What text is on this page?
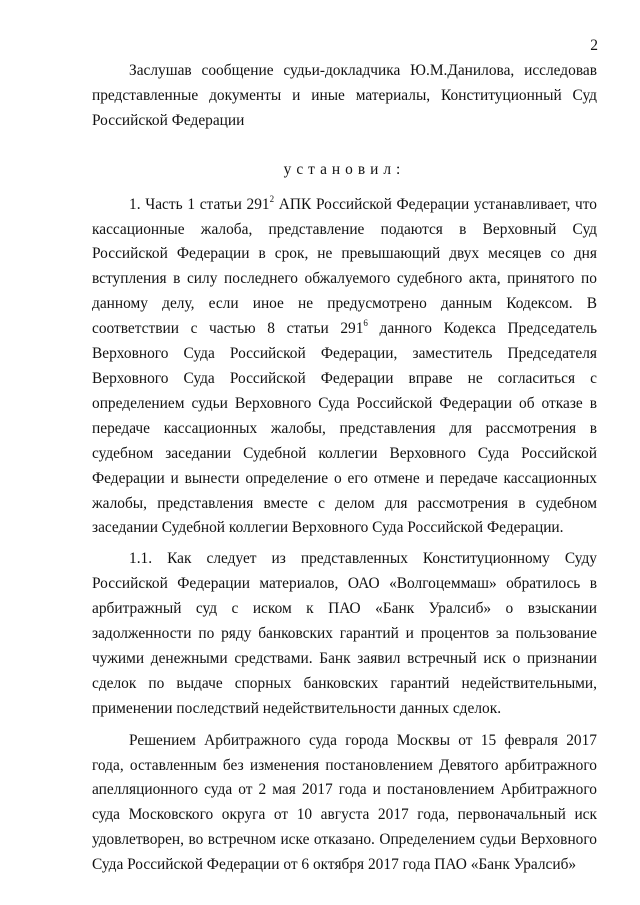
2

Заслушав сообщение судьи-докладчика Ю.М.Данилова, исследовав представленные документы и иные материалы, Конституционный Суд Российской Федерации

установил:

1. Часть 1 статьи $291^2$ АПК Российской Федерации устанавливает, что кассационные жалоба, представление подаются в Верховный Суд Российской Федерации в срок, не превышающий двух месяцев со дня вступления в силу последнего обжалуемого судебного акта, принятого по данному делу, если иное не предусмотрено данным Кодексом. В соответствии с частью 8 статьи $291^6$ данного Кодекса Председатель Верховного Суда Российской Федерации, заместитель Председателя Верховного Суда Российской Федерации вправе не согласиться с определением судьи Верховного Суда Российской Федерации об отказе в передаче кассационных жалобы, представления для рассмотрения в судебном заседании Судебной коллегии Верховного Суда Российской Федерации и вынести определение о его отмене и передаче кассационных жалобы, представления вместе с делом для рассмотрения в судебном заседании Судебной коллегии Верховного Суда Российской Федерации.

1.1. Как следует из представленных Конституционному Суду Российской Федерации материалов, ОАО «Волгоцеммаш» обратилось в арбитражный суд с иском к ПАО «Банк Уралсиб» о взыскании задолженности по ряду банковских гарантий и процентов за пользование чужими денежными средствами. Банк заявил встречный иск о признании сделок по выдаче спорных банковских гарантий недействительными, применении последствий недействительности данных сделок.

Решением Арбитражного суда города Москвы от 15 февраля 2017 года, оставленным без изменения постановлением Девятого арбитражного апелляционного суда от 2 мая 2017 года и постановлением Арбитражного суда Московского округа от 10 августа 2017 года, первоначальный иск удовлетворен, во встречном иске отказано. Определением судьи Верховного Суда Российской Федерации от 6 октября 2017 года ПАО «Банк Уралсиб»
